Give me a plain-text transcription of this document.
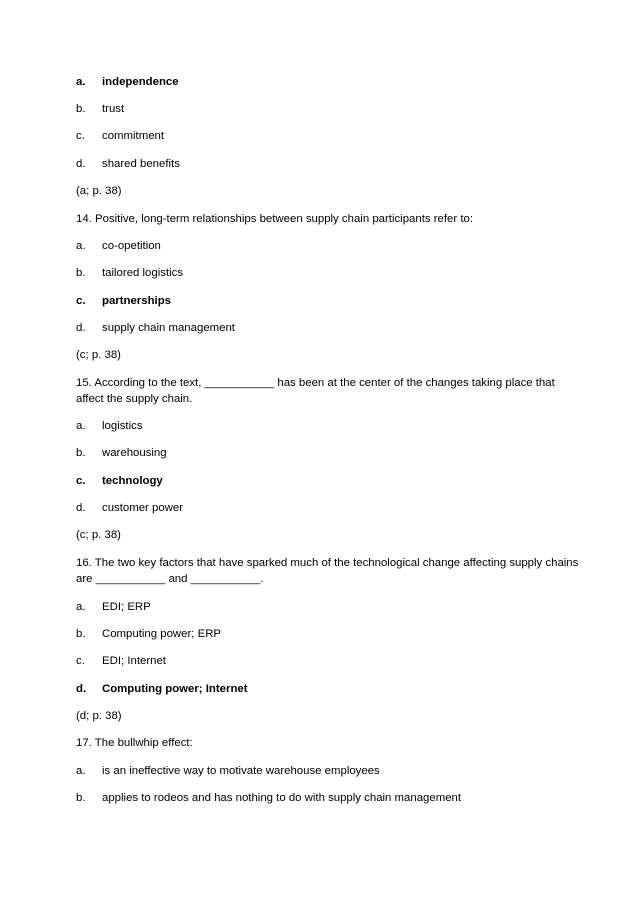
a. independence
b. trust
c. commitment
d. shared benefits
(a; p. 38)
14. Positive, long-term relationships between supply chain participants refer to:
a. co-opetition
b. tailored logistics
c. partnerships
d. supply chain management
(c; p. 38)
15. According to the text, ___________ has been at the center of the changes taking place that
affect the supply chain.
a. logistics
b. warehousing
c. technology
d. customer power
(c; p. 38)
16. The two key factors that have sparked much of the technological change affecting supply chains
are ___________ and ___________.
a. EDI; ERP
b. Computing power; ERP
c. EDI; Internet
d. Computing power; Internet
(d; p. 38)
17. The bullwhip effect:
a. is an ineffective way to motivate warehouse employees
b. applies to rodeos and has nothing to do with supply chain management
